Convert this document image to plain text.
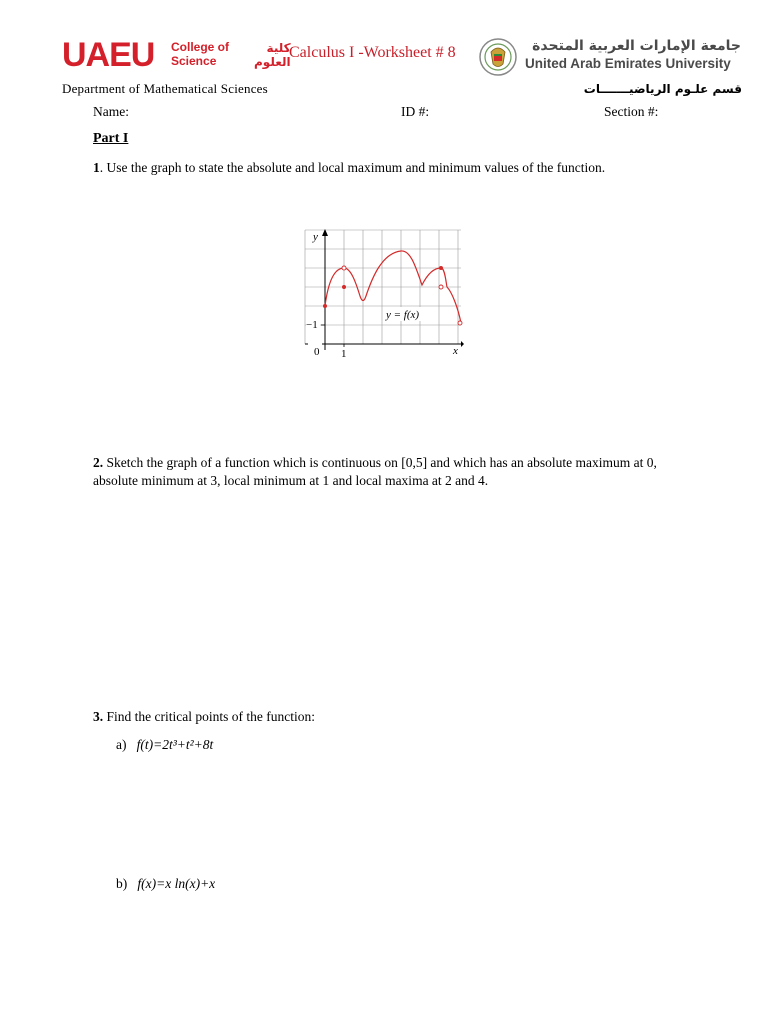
UAEU College of
Science
كلية
العلوم
Calculus I -Worksheet # 8	جامعة الإمارات العربية المتحدة
United Arab Emirates University
Department of Mathematical Sciences	قسم علـوم الرياضيـــــــات
Name:	ID #:	Section #:
Part I
1. Use the graph to state the absolute and local maximum and minimum values of the function.
y = f(x)
y
x
0 1
−1
2. Sketch the graph of a function which is continuous on [0,5] and which has an absolute maximum at 0, absolute minimum at 3, local minimum at 1 and local maxima at 2 and 4.
3. Find the critical points of the function:
a) f(t)=2t³+t²+8t
b) f(x)=x ln(x)+x
